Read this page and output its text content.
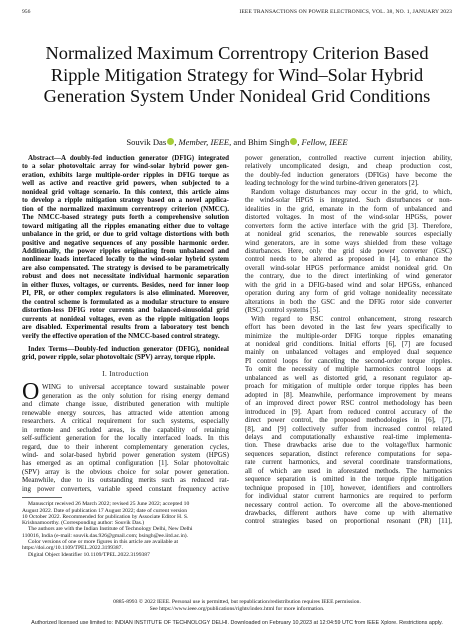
956	IEEE TRANSACTIONS ON POWER ELECTRONICS, VOL. 38, NO. 1, JANUARY 2023
Normalized Maximum Correntropy Criterion Based
Ripple Mitigation Strategy for Wind–Solar Hybrid
Generation System Under Nonideal Grid Conditions
Souvik Das , Member, IEEE, and Bhim Singh , Fellow, IEEE
Abstract—A doubly-fed induction generator (DFIG) integrated
to a solar photovoltaic array for wind-solar hybrid power gen-
eration, exhibits large multiple-order ripples in DFIG torque as
well as active and reactive grid powers, when subjected to a
nonideal grid voltage scenario. In this context, this article aims
to develop a ripple mitigation strategy based on a novel applica-
tion of the normalized maximum correntropy criterion (NMCC).
The NMCC-based strategy puts forth a comprehensive solution
toward mitigating all the ripples emanating either due to voltage
unbalance in the grid, or due to grid voltage distortions with both
positive and negative sequences of any possible harmonic order.
Additionally, the power ripples originating from unbalanced and
nonlinear loads interfaced locally to the wind-solar hybrid system
are also compensated. The strategy is devised to be parametrically
robust and does not necessitate individual harmonic separation
in either fluxes, voltages, or currents. Besides, need for inner loop
PI, PR, or other complex regulators is also eliminated. Moreover,
the control scheme is formulated as a modular structure to ensure
distortion-less DFIG rotor currents and balanced-sinusoidal grid
currents at nonideal voltages, even as the ripple mitigation loops
are disabled. Experimental results from a laboratory test bench
verify the effective operation of the NMCC-based control strategy.
Index Terms—Doubly-fed induction generator (DFIG), nonideal
grid, power ripple, solar photovoltaic (SPV) array, torque ripple.
I. Introduction
O WING to universal acceptance toward sustainable power
generation as the only solution for rising energy demand
and climate change issue, distributed generation with multiple
renewable energy sources, has attracted wide attention among
researchers. A critical requirement for such systems, especially
in remote and secluded areas, is the capability of retaining
self-sufficient generation for the locally interfaced loads. In this
regard, due to their inherent complementary generation cycles,
wind- and solar-based hybrid power generation system (HPGS)
has emerged as an optimal configuration [1]. Solar photovoltaic
(SPV) array is the obvious choice for solar power generation.
Meanwhile, due to its outstanding merits such as reduced rat-
ing power converters, variable speed constant frequency active
Manuscript received 26 March 2022; revised 25 June 2022; accepted 10
August 2022. Date of publication 17 August 2022; date of current version
10 October 2022. Recommended for publication by Associate Editor H. S.
Krishnamoorthy. (Corresponding author: Souvik Das.)
The authors are with the Indian Institute of Technology Delhi, New Delhi
110016, India (e-mail: souvik.das.926@gmail.com; bsingh@ee.iitd.ac.in).
Color versions of one or more figures in this article are available at
https://doi.org/10.1109/TPEL.2022.3199387.
Digital Object Identifier 10.1109/TPEL.2022.3199387
power generation, controlled reactive current injection ability,
relatively uncomplicated design, and cheap production cost,
the doubly-fed induction generators (DFIGs) have become the
leading technology for the wind turbine-driven generators [2].
Random voltage disturbances may occur in the grid, to which,
the wind-solar HPGS is integrated. Such disturbances or non-
idealities in the grid, emanate in the form of unbalanced and
distorted voltages. In most of the wind-solar HPGSs, power
converters form the active interface with the grid [3]. Therefore,
at nonideal grid scenarios, the renewable sources especially
wind generators, are in some ways shielded from these voltage
disturbances. Here, only the grid side power converter (GSC)
control needs to be altered as proposed in [4], to enhance the
overall wind-solar HPGS performance amidst nonideal grid. On
the contrary, due to the direct interlinking of wind generator
with the grid in a DFIG-based wind and solar HPGSs, enhanced
operation during any form of grid voltage nonideality necessitate
alterations in both the GSC and the DFIG rotor side converter
(RSC) control systems [5].
With regard to RSC control enhancement, strong research
effort has been devoted in the last few years specifically to
minimize the multiple-order DFIG torque ripples emanating
at nonideal grid conditions. Initial efforts [6], [7] are focused
mainly on unbalanced voltages and employed dual sequence
PI control loops for canceling the second-order torque ripples.
To omit the necessity of multiple harmonics control loops at
unbalanced as well as distorted grid, a resonant regulator ap-
proach for mitigation of multiple order torque ripples has been
adopted in [8]. Meanwhile, performance improvement by means
of an improved direct power RSC control methodology has been
introduced in [9]. Apart from reduced control accuracy of the
direct power control, the proposed methodologies in [6], [7],
[8], and [9] collectively suffer from increased control related
delays and computationally exhaustive real-time implementa-
tion. These drawbacks arise due to the voltage/flux harmonic
sequences separation, distinct reference computations for sepa-
rate current harmonics, and several coordinate transformations,
all of which are used in aforestated methods. The harmonics
sequence separation is omitted in the torque ripple mitigation
technique proposed in [10], however, identifiers and controllers
for individual stator current harmonics are required to perform
necessary control action. To overcome all the above-mentioned
drawbacks, different authors have come up with alternative
control strategies based on proportional resonant (PR) [11],
0885-8993 © 2022 IEEE. Personal use is permitted, but republication/redistribution requires IEEE permission.
See https://www.ieee.org/publications/rights/index.html for more information.
Authorized licensed use limited to: INDIAN INSTITUTE OF TECHNOLOGY DELHI. Downloaded on February 10,2023 at 12:04:59 UTC from IEEE Xplore. Restrictions apply.
